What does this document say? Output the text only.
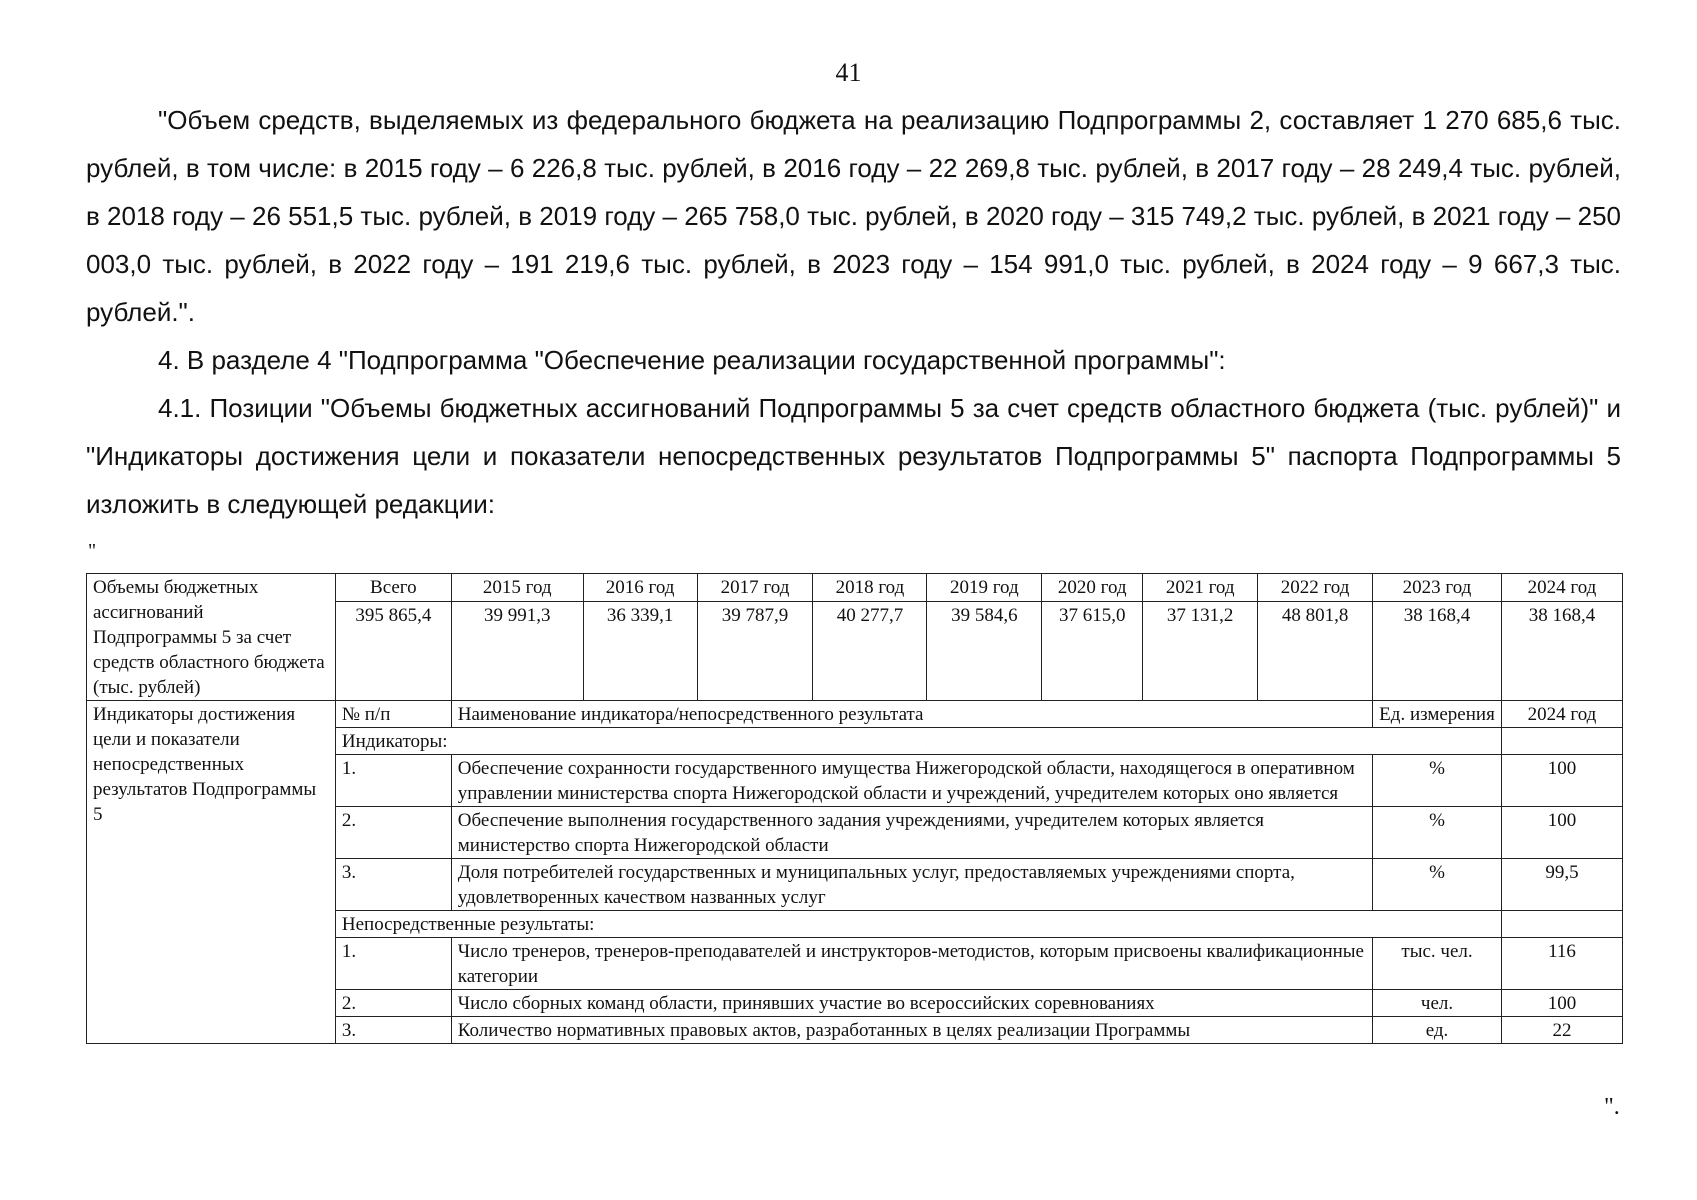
41

"Объем средств, выделяемых из федерального бюджета на реализацию Подпрограммы 2, составляет 1 270 685,6 тыс. рублей, в том числе: в 2015 году – 6 226,8 тыс. рублей, в 2016 году – 22 269,8 тыс. рублей, в 2017 году – 28 249,4 тыс. рублей, в 2018 году – 26 551,5 тыс. рублей, в 2019 году – 265 758,0 тыс. рублей, в 2020 году – 315 749,2 тыс. рублей, в 2021 году – 250 003,0 тыс. рублей, в 2022 году – 191 219,6 тыс. рублей, в 2023 году – 154 991,0 тыс. рублей, в 2024 году – 9 667,3 тыс. рублей.".

4. В разделе 4 "Подпрограмма "Обеспечение реализации государственной программы":

4.1. Позиции "Объемы бюджетных ассигнований Подпрограммы 5 за счет средств областного бюджета (тыс. рублей)" и "Индикаторы достижения цели и показатели непосредственных результатов Подпрограммы 5" паспорта Подпрограммы 5 изложить в следующей редакции:

"
Объемы бюджетных ассигнований Подпрограммы 5 за счет средств областного бюджета (тыс. рублей)	Всего	2015 год	2016 год	2017 год	2018 год	2019 год	2020 год	2021 год	2022 год	2023 год	2024 год
	395 865,4	39 991,3	36 339,1	39 787,9	40 277,7	39 584,6	37 615,0	37 131,2	48 801,8	38 168,4	38 168,4
Индикаторы достижения цели и показатели непосредственных результатов Подпрограммы 5	№ п/п	Наименование индикатора/непосредственного результата								Ед. измерения	2024 год
	Индикаторы:										
	1.	Обеспечение сохранности государственного имущества Нижегородской области, находящегося в оперативном управлении министерства спорта Нижегородской области и учреждений, учредителем которых оно является								%	100
	2.	Обеспечение выполнения государственного задания учреждениями, учредителем которых является министерство спорта Нижегородской области								%	100
	3.	Доля потребителей государственных и муниципальных услуг, предоставляемых учреждениями спорта, удовлетворенных качеством названных услуг								%	99,5
	Непосредственные результаты:										
	1.	Число тренеров, тренеров-преподавателей и инструкторов-методистов, которым присвоены квалификационные категории								тыс. чел.	116
	2.	Число сборных команд области, принявших участие во всероссийских соревнованиях								чел.	100
	3.	Количество нормативных правовых актов, разработанных в целях реализации Программы								ед.	22
".
